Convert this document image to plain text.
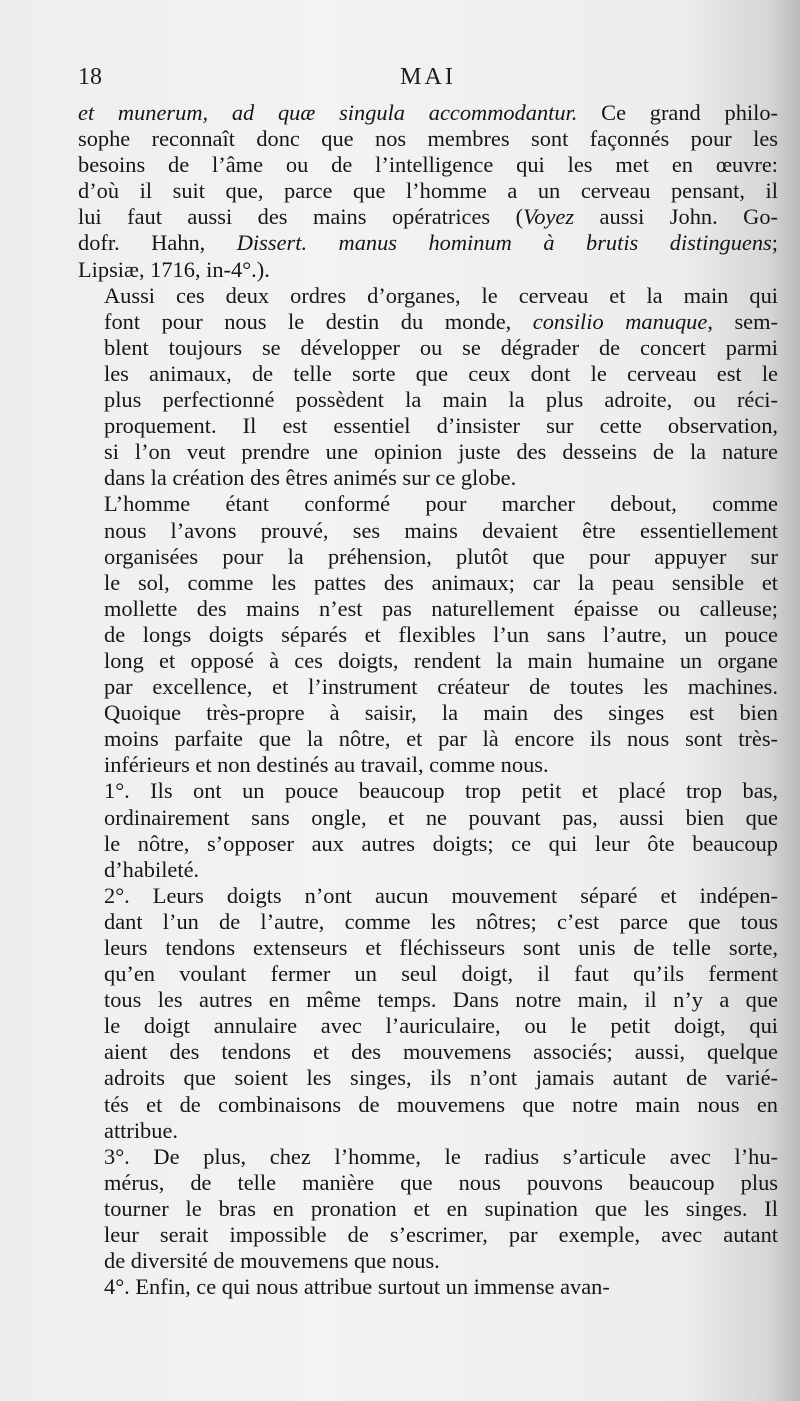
18	MAI

et munerum, ad quæ singula accommodantur. Ce grand philo-
sophe reconnaît donc que nos membres sont façonnés pour les
besoins de l’âme ou de l’intelligence qui les met en œuvre:
d’où il suit que, parce que l’homme a un cerveau pensant, il
lui faut aussi des mains opératrices (Voyez aussi John. Go-
dofr. Hahn, Dissert. manus hominum à brutis distinguens;
Lipsiæ, 1716, in-4°.).

Aussi ces deux ordres d’organes, le cerveau et la main qui
font pour nous le destin du monde, consilio manuque, sem-
blent toujours se développer ou se dégrader de concert parmi
les animaux, de telle sorte que ceux dont le cerveau est le
plus perfectionné possèdent la main la plus adroite, ou réci-
proquement. Il est essentiel d’insister sur cette observation,
si l’on veut prendre une opinion juste des desseins de la nature
dans la création des êtres animés sur ce globe.

L’homme étant conformé pour marcher debout, comme
nous l’avons prouvé, ses mains devaient être essentiellement
organisées pour la préhension, plutôt que pour appuyer sur
le sol, comme les pattes des animaux; car la peau sensible et
mollette des mains n’est pas naturellement épaisse ou calleuse;
de longs doigts séparés et flexibles l’un sans l’autre, un pouce
long et opposé à ces doigts, rendent la main humaine un organe
par excellence, et l’instrument créateur de toutes les machines.
Quoique très-propre à saisir, la main des singes est bien
moins parfaite que la nôtre, et par là encore ils nous sont très-
inférieurs et non destinés au travail, comme nous.

1°. Ils ont un pouce beaucoup trop petit et placé trop bas,
ordinairement sans ongle, et ne pouvant pas, aussi bien que
le nôtre, s’opposer aux autres doigts; ce qui leur ôte beaucoup
d’habileté.

2°. Leurs doigts n’ont aucun mouvement séparé et indépen-
dant l’un de l’autre, comme les nôtres; c’est parce que tous
leurs tendons extenseurs et fléchisseurs sont unis de telle sorte,
qu’en voulant fermer un seul doigt, il faut qu’ils ferment
tous les autres en même temps. Dans notre main, il n’y a que
le doigt annulaire avec l’auriculaire, ou le petit doigt, qui
aient des tendons et des mouvemens associés; aussi, quelque
adroits que soient les singes, ils n’ont jamais autant de varié-
tés et de combinaisons de mouvemens que notre main nous en
attribue.

3°. De plus, chez l’homme, le radius s’articule avec l’hu-
mérus, de telle manière que nous pouvons beaucoup plus
tourner le bras en pronation et en supination que les singes. Il
leur serait impossible de s’escrimer, par exemple, avec autant
de diversité de mouvemens que nous.

4°. Enfin, ce qui nous attribue surtout un immense avan-
